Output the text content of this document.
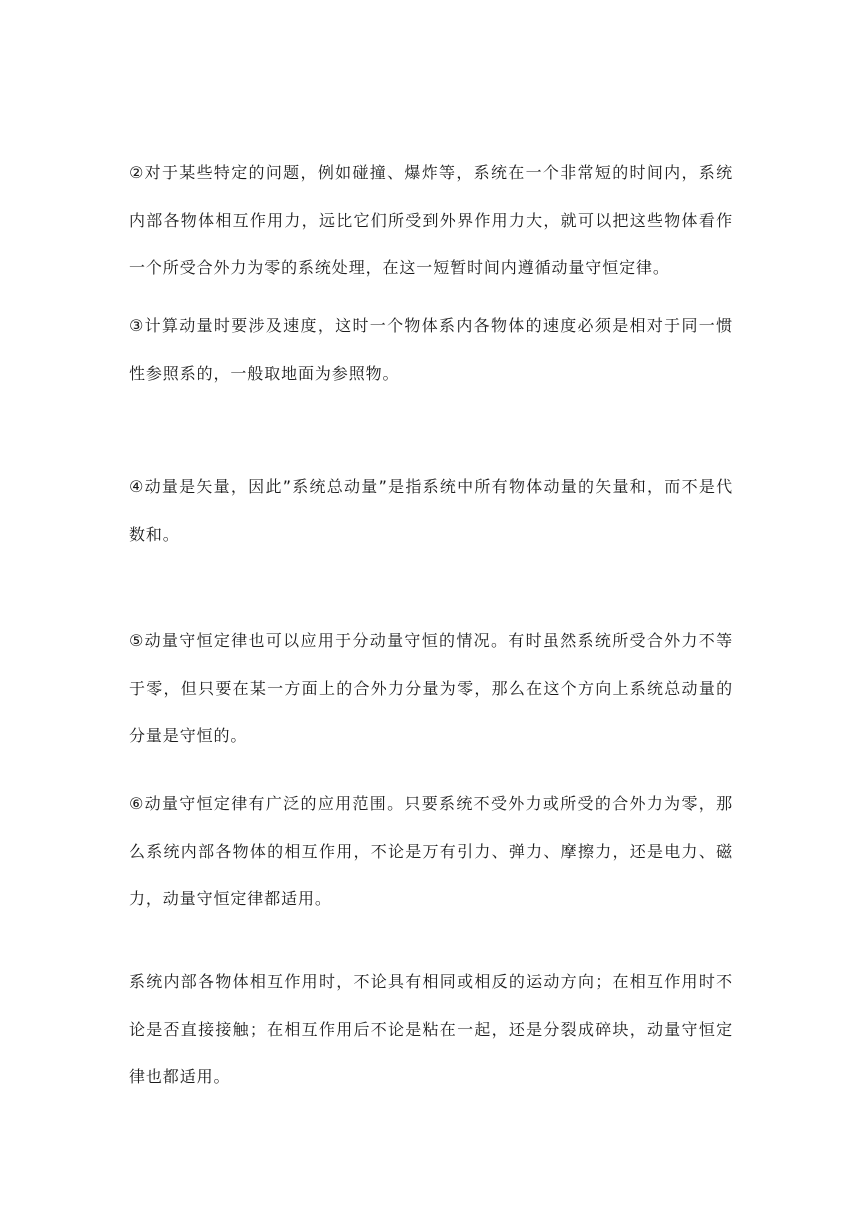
②对于某些特定的问题，例如碰撞、爆炸等，系统在一个非常短的时间内，系统内部各物体相互作用力，远比它们所受到外界作用力大，就可以把这些物体看作一个所受合外力为零的系统处理，在这一短暂时间内遵循动量守恒定律。

③计算动量时要涉及速度，这时一个物体系内各物体的速度必须是相对于同一惯性参照系的，一般取地面为参照物。

④动量是矢量，因此”系统总动量”是指系统中所有物体动量的矢量和，而不是代数和。

⑤动量守恒定律也可以应用于分动量守恒的情况。有时虽然系统所受合外力不等于零，但只要在某一方面上的合外力分量为零，那么在这个方向上系统总动量的分量是守恒的。

⑥动量守恒定律有广泛的应用范围。只要系统不受外力或所受的合外力为零，那么系统内部各物体的相互作用，不论是万有引力、弹力、摩擦力，还是电力、磁力，动量守恒定律都适用。

系统内部各物体相互作用时，不论具有相同或相反的运动方向；在相互作用时不论是否直接接触；在相互作用后不论是粘在一起，还是分裂成碎块，动量守恒定律也都适用。
